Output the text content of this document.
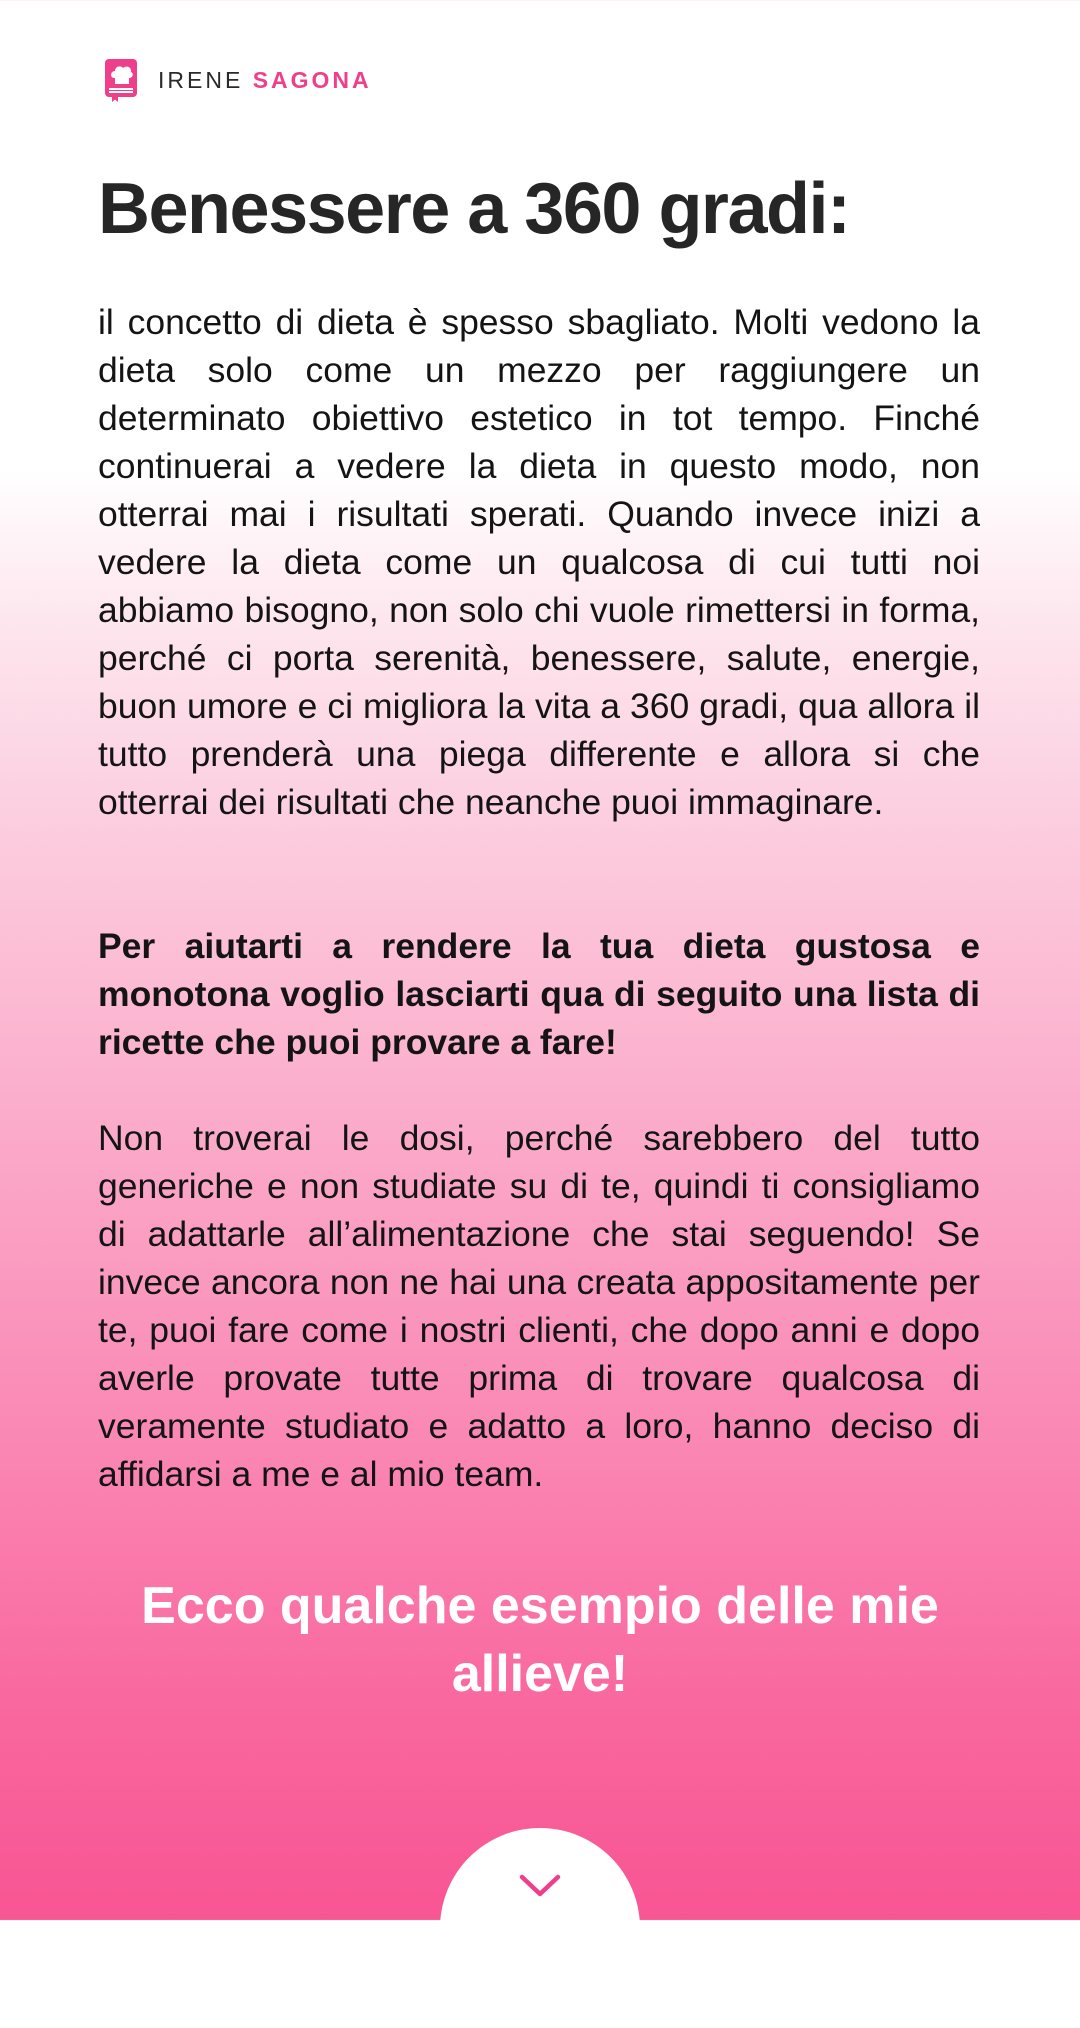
IRENE SAGONA
Benessere a 360 gradi:

il concetto di dieta è spesso sbagliato. Molti vedono la dieta solo come un mezzo per raggiungere un determinato obiettivo estetico in tot tempo. Finché continuerai a vedere la dieta in questo modo, non otterrai mai i risultati sperati. Quando invece inizi a vedere la dieta come un qualcosa di cui tutti noi abbiamo bisogno, non solo chi vuole rimettersi in forma, perché ci porta serenità, benessere, salute, energie, buon umore e ci migliora la vita a 360 gradi, qua allora il tutto prenderà una piega differente e allora si che otterrai dei risultati che neanche puoi immaginare.

Per aiutarti a rendere la tua dieta gustosa e monotona voglio lasciarti qua di seguito una lista di ricette che puoi provare a fare!

Non troverai le dosi, perché sarebbero del tutto generiche e non studiate su di te, quindi ti consigliamo di adattarle all’alimentazione che stai seguendo! Se invece ancora non ne hai una creata appositamente per te, puoi fare come i nostri clienti, che dopo anni e dopo averle provate tutte prima di trovare qualcosa di veramente studiato e adatto a loro, hanno deciso di affidarsi a me e al mio team.

Ecco qualche esempio delle mie allieve!
